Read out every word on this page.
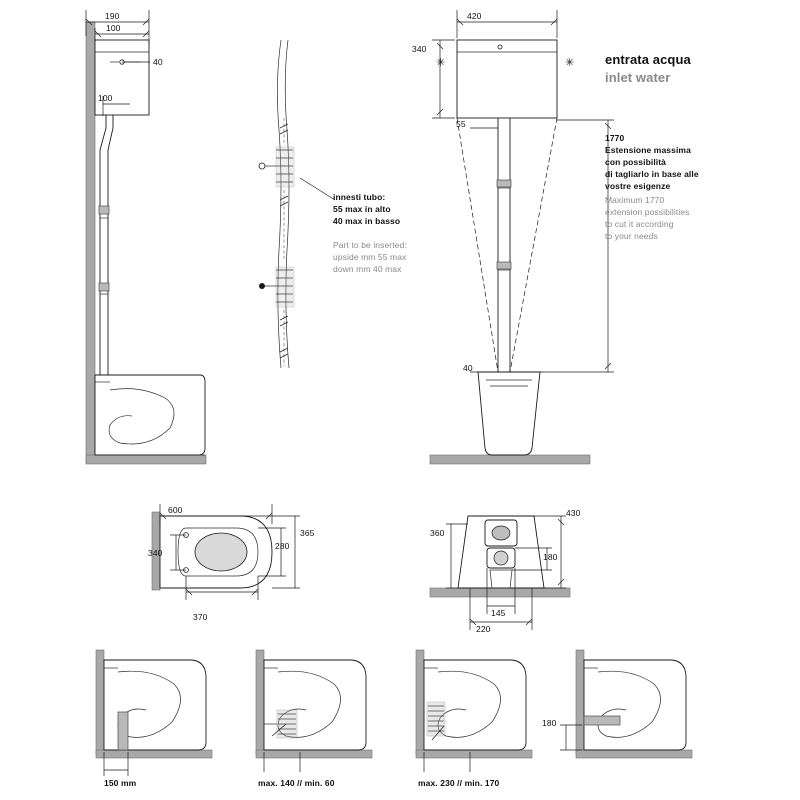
✳	✳
190
100
40
100
innesti tubo:
55 max in alto
40 max in basso
Part to be inserted:
upside mm 55 max
down mm 40 max
420
340
55
40
entrata acqua
inlet water
1770
Estensione massima
con possibilità
di tagliarlo in base alle
vostre esigenze
Maximum 1770
extension possibilities
to cut it according
to your needs
600
365
280
340
370
430
360
180
145
220
150 mm	max. 140 // min. 60	max. 230 // min. 170
180
